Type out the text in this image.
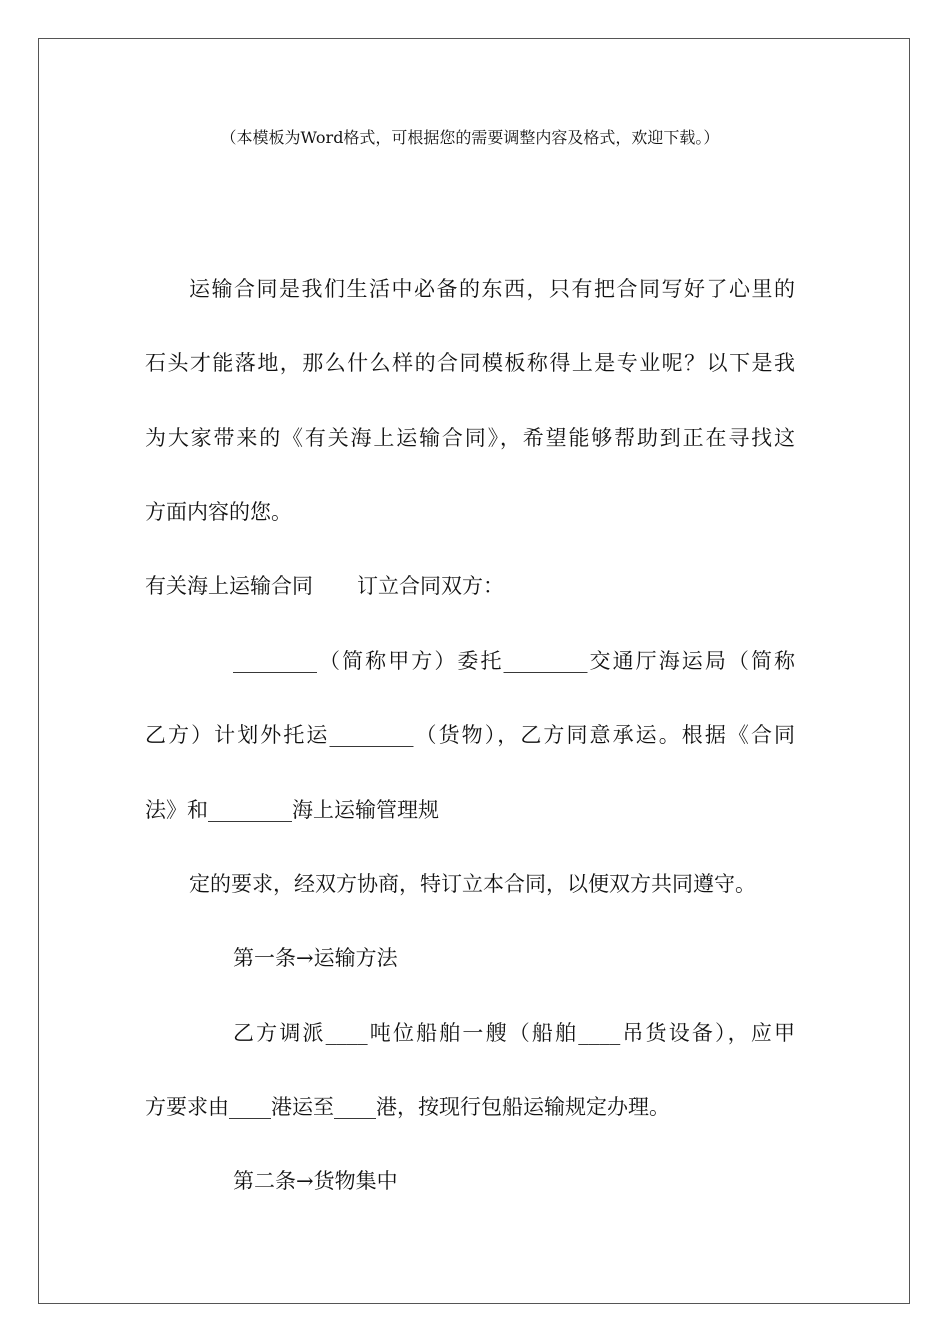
（本模板为Word格式，可根据您的需要调整内容及格式，欢迎下载。）
运输合同是我们生活中必备的东西，只有把合同写好了心里的
石头才能落地，那么什么样的合同模板称得上是专业呢？以下是我
为大家带来的《有关海上运输合同》，希望能够帮助到正在寻找这
方面内容的您。
有关海上运输合同 订立合同双方：
________（简称甲方）委托________交通厅海运局（简称
乙方）计划外托运________（货物），乙方同意承运。根据《合同
法》和________海上运输管理规
定的要求，经双方协商，特订立本合同，以便双方共同遵守。
第一条→运输方法
乙方调派____吨位船舶一艘（船舶____吊货设备），应甲
方要求由____港运至____港，按现行包船运输规定办理。
第二条→货物集中
